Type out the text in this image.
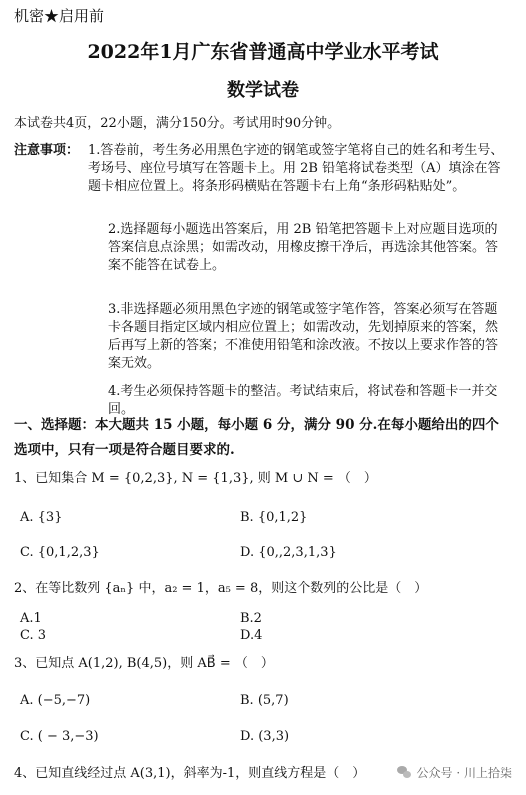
机密★启用前
2022年1月广东省普通高中学业水平考试
数学试卷
本试卷共4页，22小题，满分150分。考试用时90分钟。
注意事项： 1.答卷前，考生务必用黑色字迹的钢笔或签字笔将自己的姓名和考生号、考场号、座位号填写在答题卡上。用 2B 铅笔将试卷类型（A）填涂在答题卡相应位置上。将条形码横贴在答题卡右上角“条形码粘贴处”。
2.选择题每小题选出答案后，用 2B 铅笔把答题卡上对应题目选项的答案信息点涂黑；如需改动，用橡皮擦干净后，再选涂其他答案。答案不能答在试卷上。
3.非选择题必须用黑色字迹的钢笔或签字笔作答，答案必须写在答题卡各题目指定区域内相应位置上；如需改动，先划掉原来的答案，然后再写上新的答案；不准使用铅笔和涂改液。不按以上要求作答的答案无效。
4.考生必须保持答题卡的整洁。考试结束后，将试卷和答题卡一并交回。
一、选择题：本大题共 15 小题，每小题 6 分，满分 90 分.在每小题给出的四个
选项中，只有一项是符合题目要求的.
1、已知集合 M = {0,2,3}, N = {1,3}, 则 M ∪ N = （　）
A. {3}	B. {0,1,2}
C. {0,1,2,3}	D. {0,,2,3,1,3}
2、在等比数列 {aₙ} 中，a₂ = 1，a₅ = 8，则这个数列的公比是（　）
A.1	B.2
C. 3	D.4
3、已知点 A(1,2), B(4,5)，则 AB⃗ = （　）
A. (−5,−7)	B. (5,7)
C. ( − 3,−3)	D. (3,3)
4、已知直线经过点 A(3,1)，斜率为-1，则直线方程是（　）	公众号 · 川上拾柒
